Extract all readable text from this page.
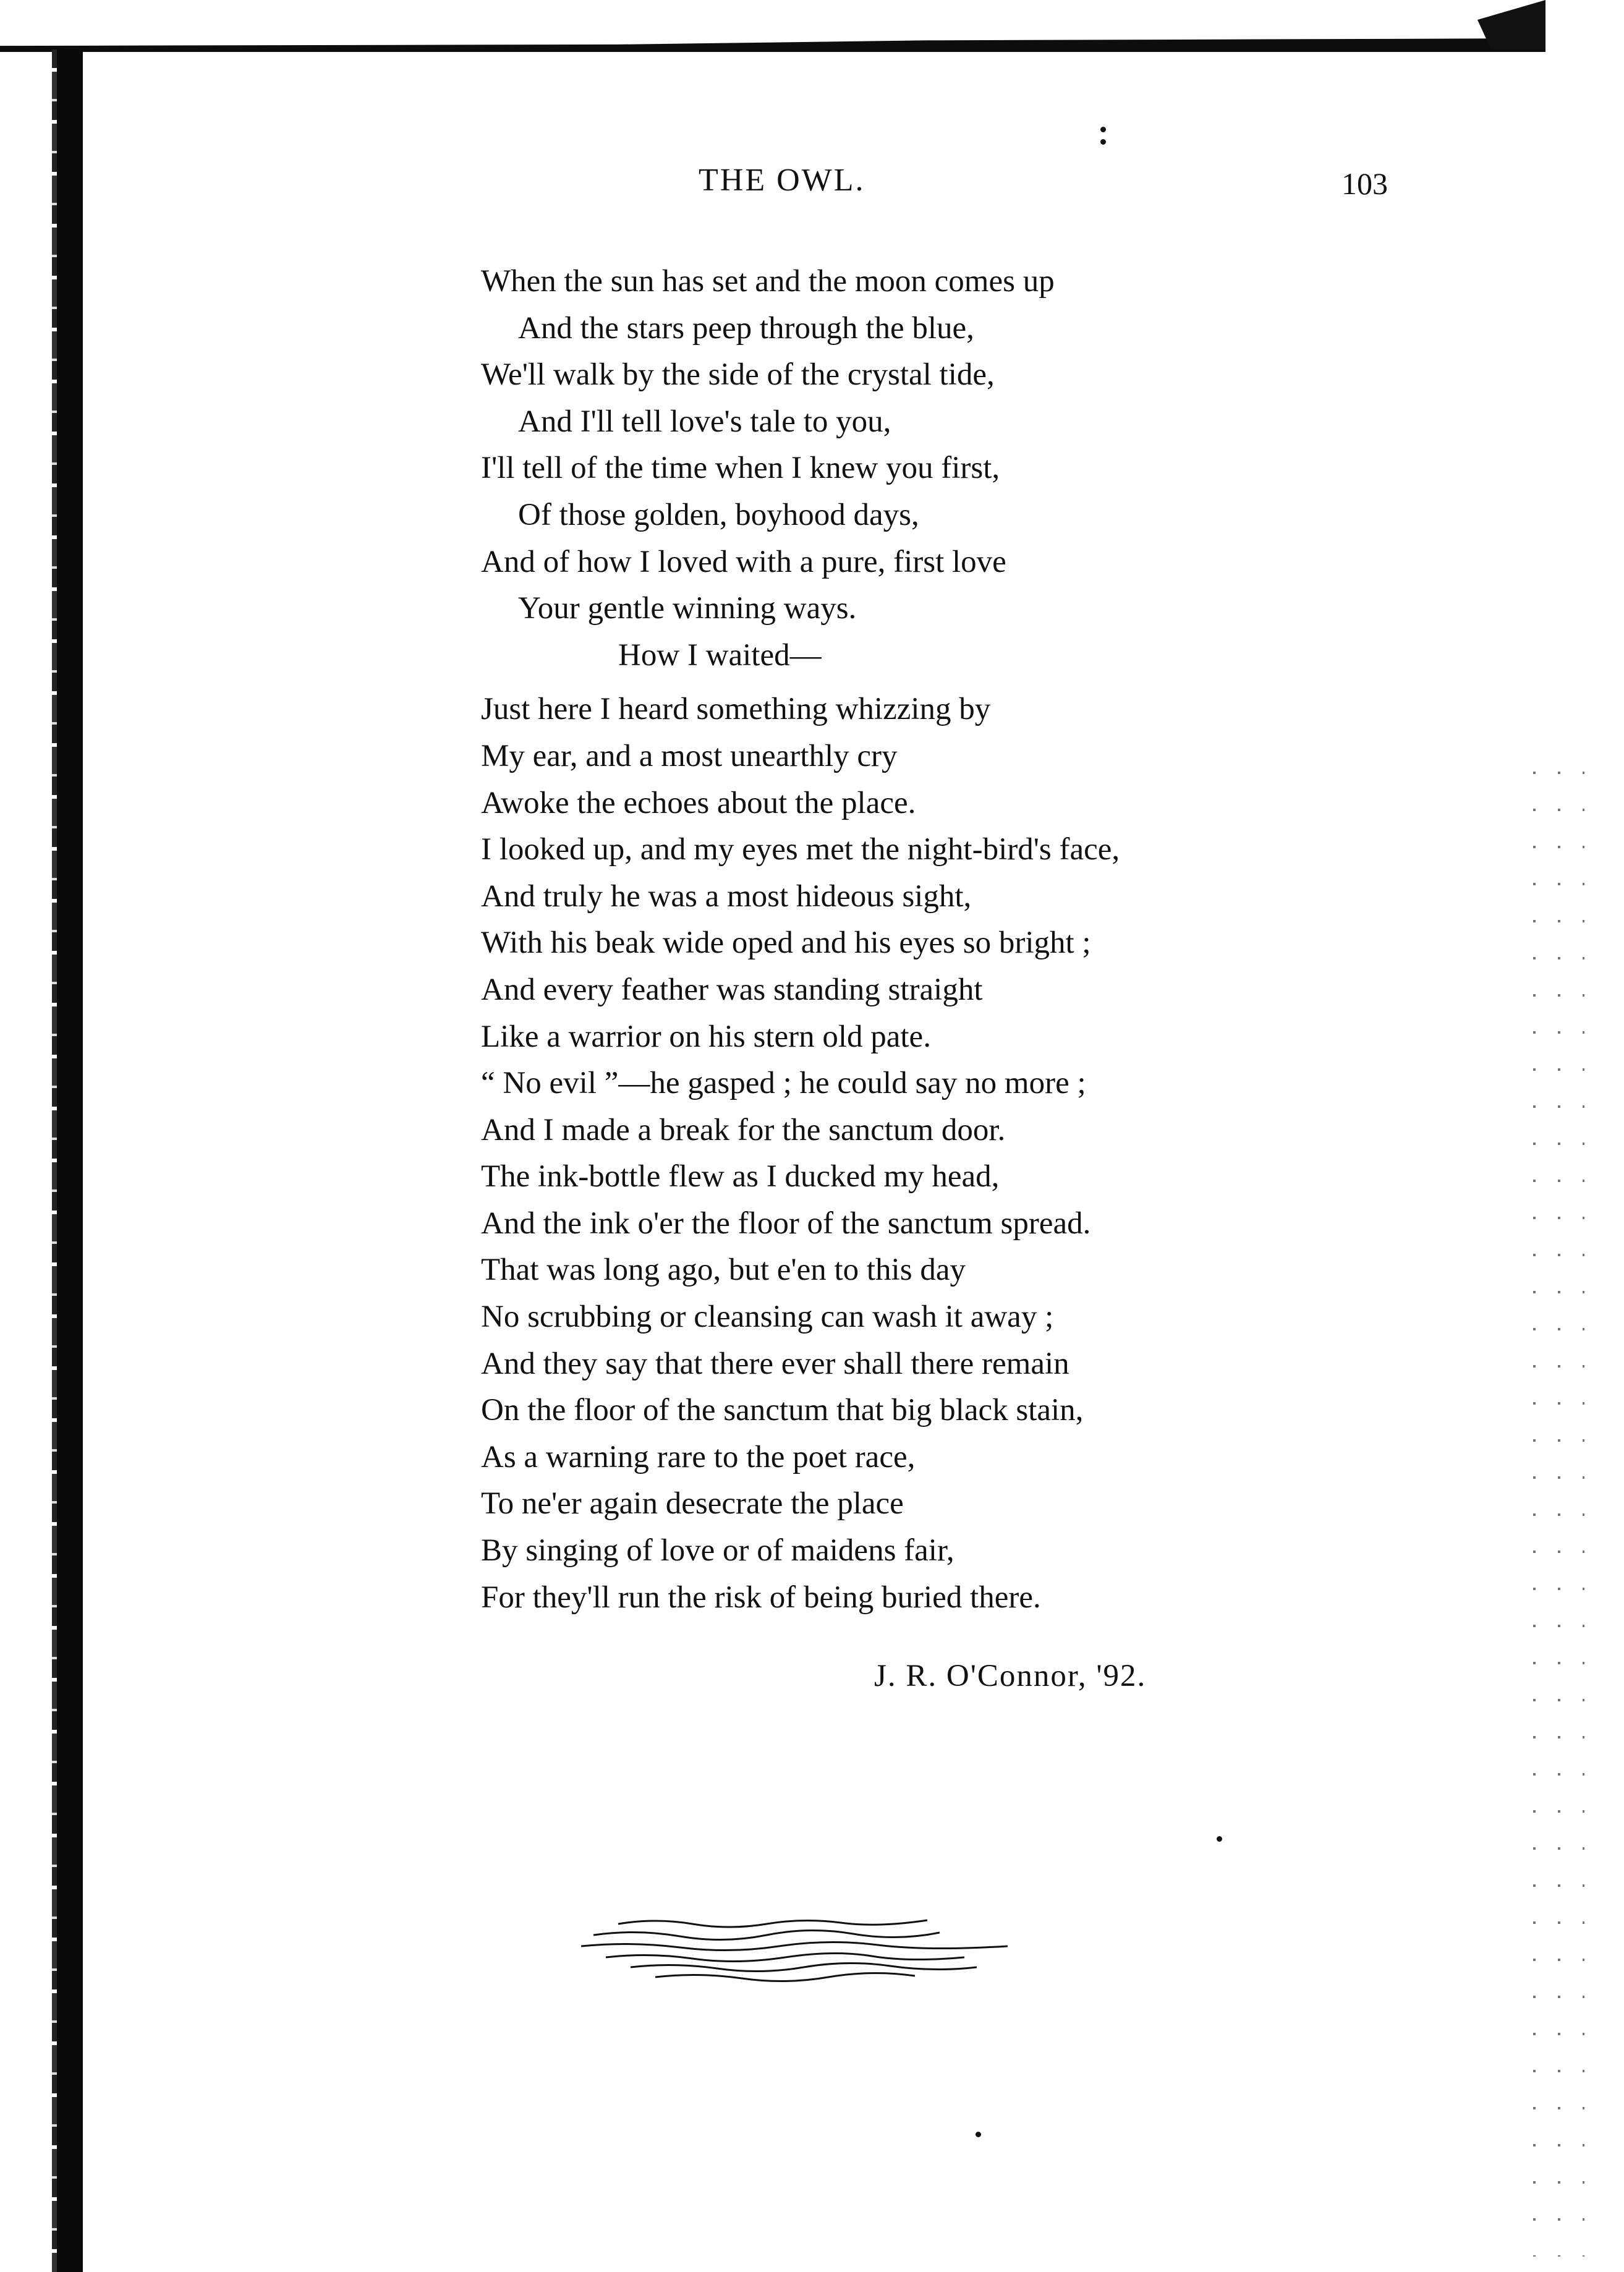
THE OWL.	103
When the sun has set and the moon comes up
And the stars peep through the blue,
We'll walk by the side of the crystal tide,
And I'll tell love's tale to you,
I'll tell of the time when I knew you first,
Of those golden, boyhood days,
And of how I loved with a pure, first love
Your gentle winning ways.
How I waited—
Just here I heard something whizzing by
My ear, and a most unearthly cry
Awoke the echoes about the place.
I looked up, and my eyes met the night-bird's face,
And truly he was a most hideous sight,
With his beak wide oped and his eyes so bright ;
And every feather was standing straight
Like a warrior on his stern old pate.
“ No evil ”—he gasped ; he could say no more ;
And I made a break for the sanctum door.
The ink-bottle flew as I ducked my head,
And the ink o'er the floor of the sanctum spread.
That was long ago, but e'en to this day
No scrubbing or cleansing can wash it away ;
And they say that there ever shall there remain
On the floor of the sanctum that big black stain,
As a warning rare to the poet race,
To ne'er again desecrate the place
By singing of love or of maidens fair,
For they'll run the risk of being buried there.
J. R. O'Connor, '92.
